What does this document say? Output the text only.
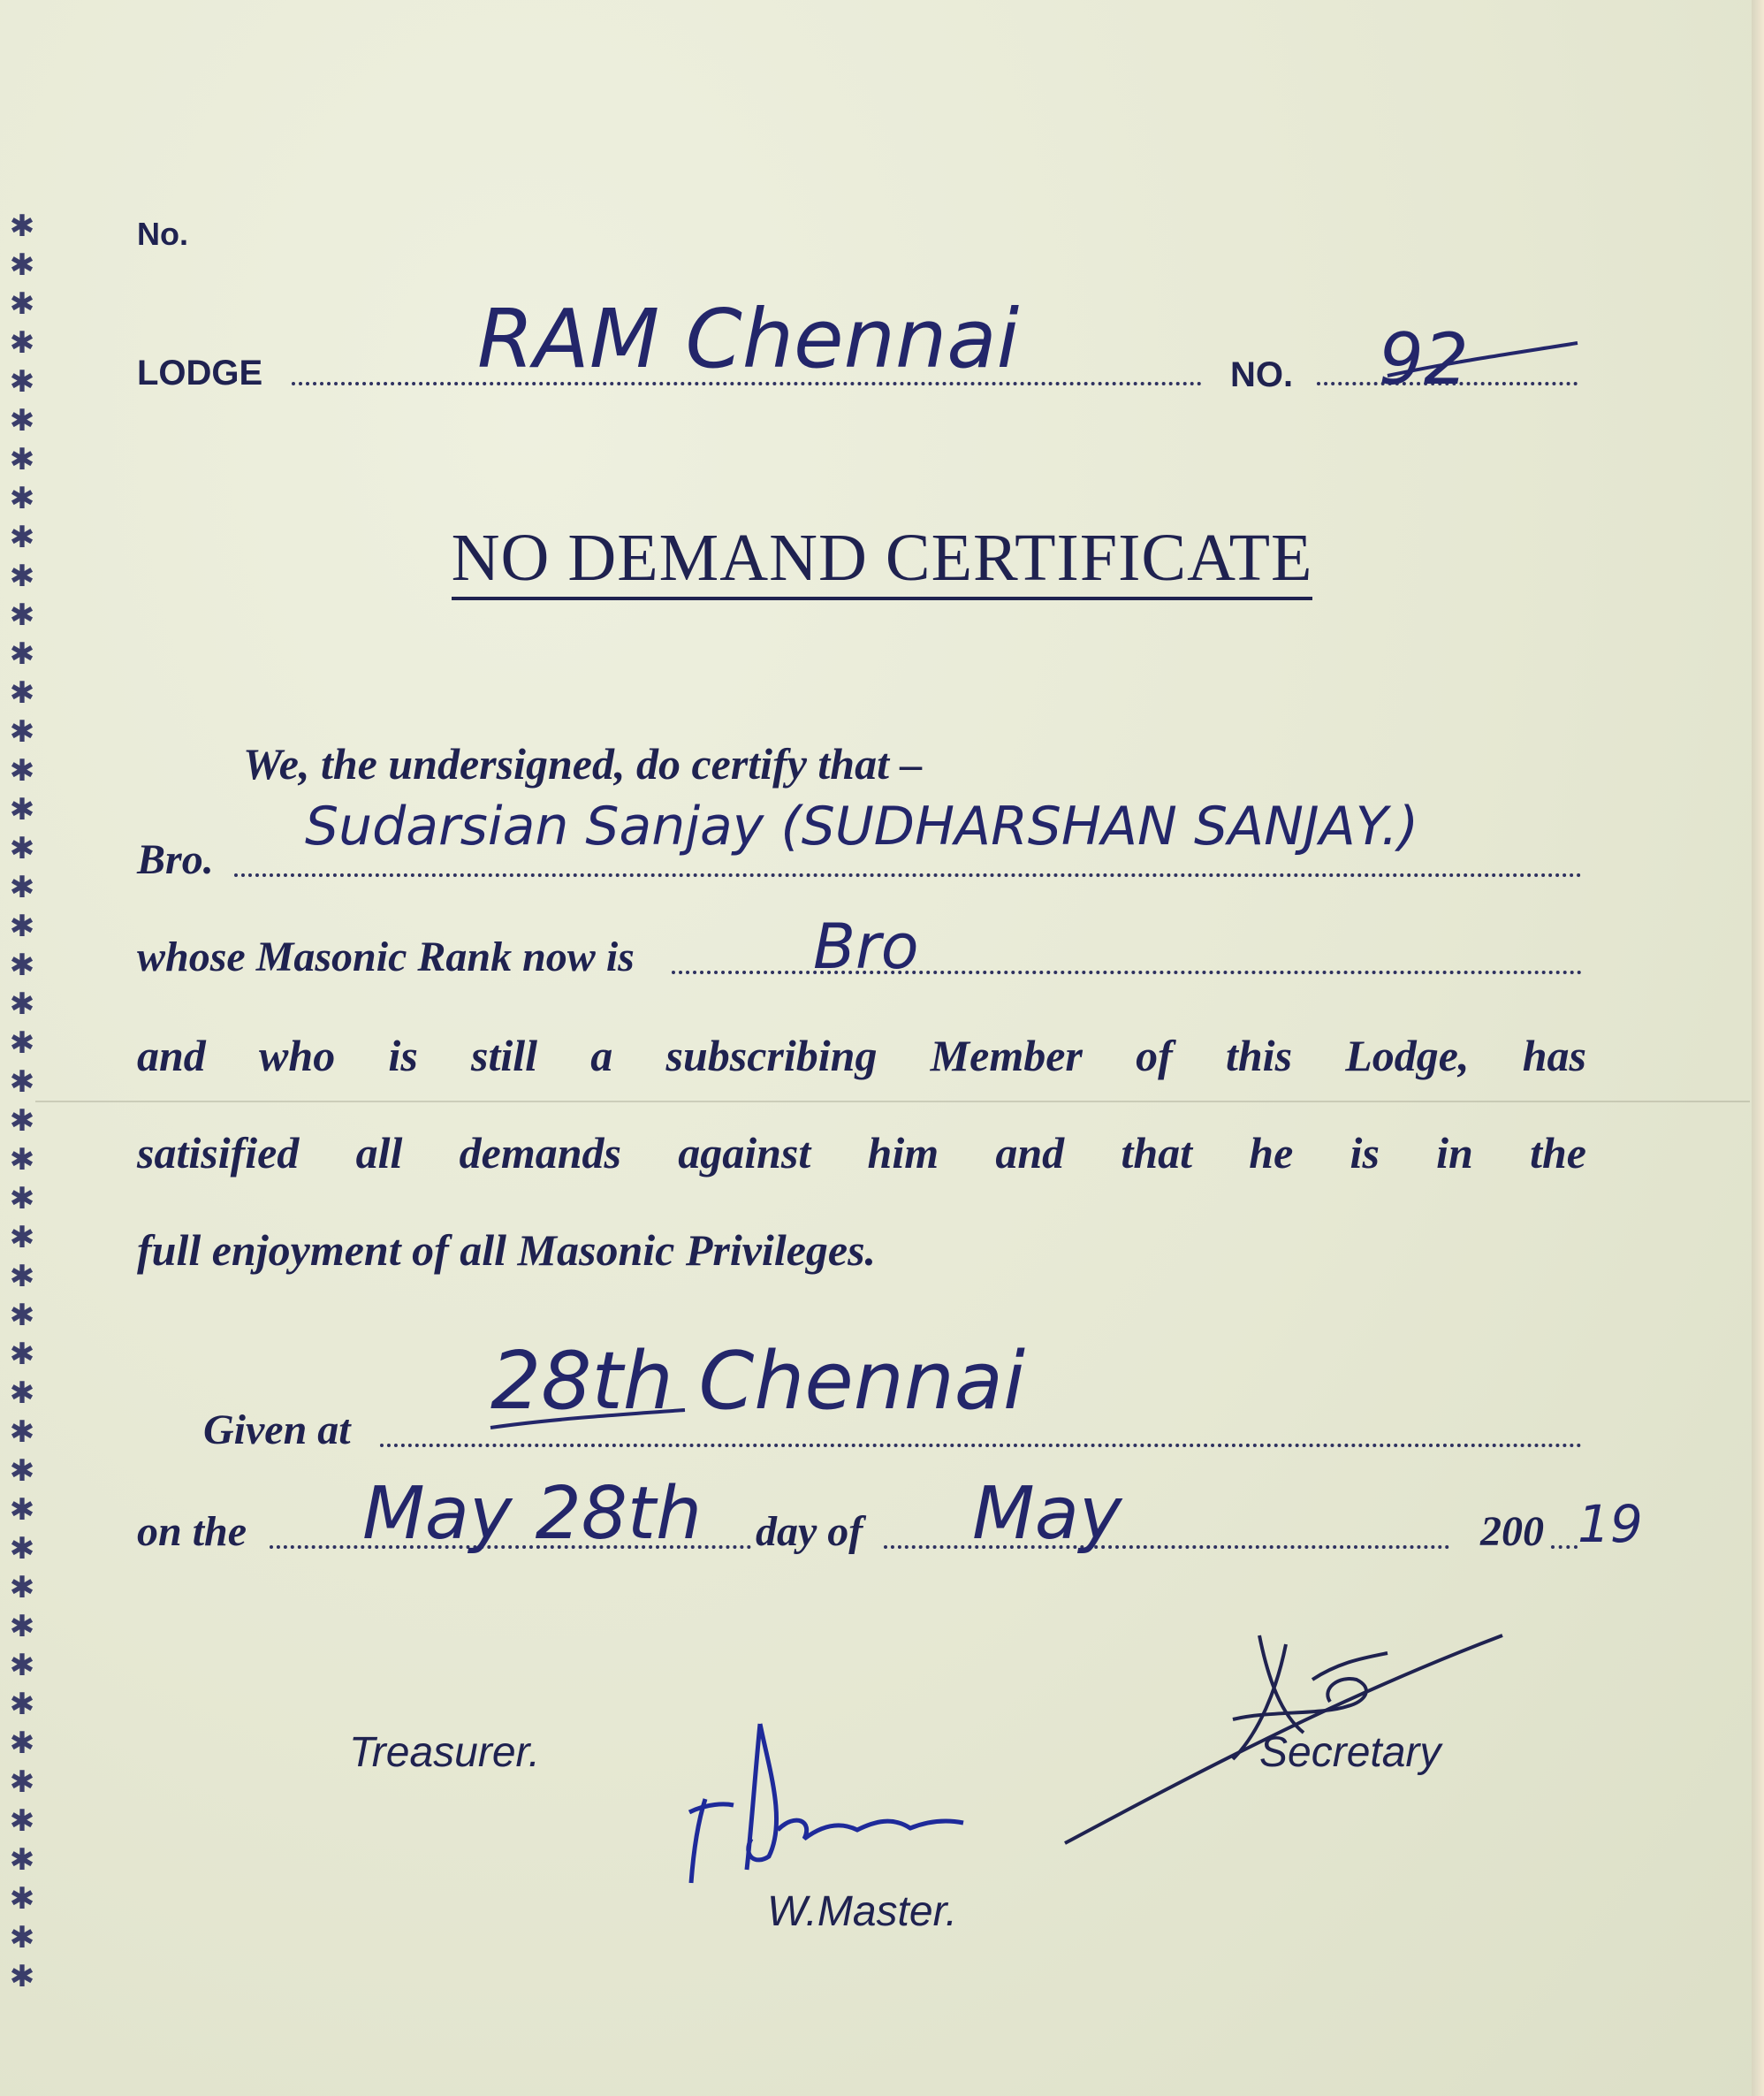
✱
✱
✱
✱
✱
✱
✱
✱
✱
✱
✱
✱
✱
✱
✱
✱
✱
✱
✱
✱
✱
✱
✱
✱
✱
✱
✱
✱
✱
✱
✱
✱
✱
✱
✱
✱
✱
✱
✱
✱
✱
✱
✱
✱
✱
✱
No.
LODGE	RAM Chennai	NO. 92
NO DEMAND CERTIFICATE
We, the undersigned, do certify that –
Bro.
Sudarsian Sanjay (SUDHARSHAN SANJAY.)
whose Masonic Rank now is	Bro
and who is still a subscribing Member of this Lodge, has
satisified all demands against him and that he is in the
full enjoyment of all Masonic Privileges.
Given at
28th Chennai
on the May 28th day of May	200 19
Treasurer.	Secretary
W.Master.
